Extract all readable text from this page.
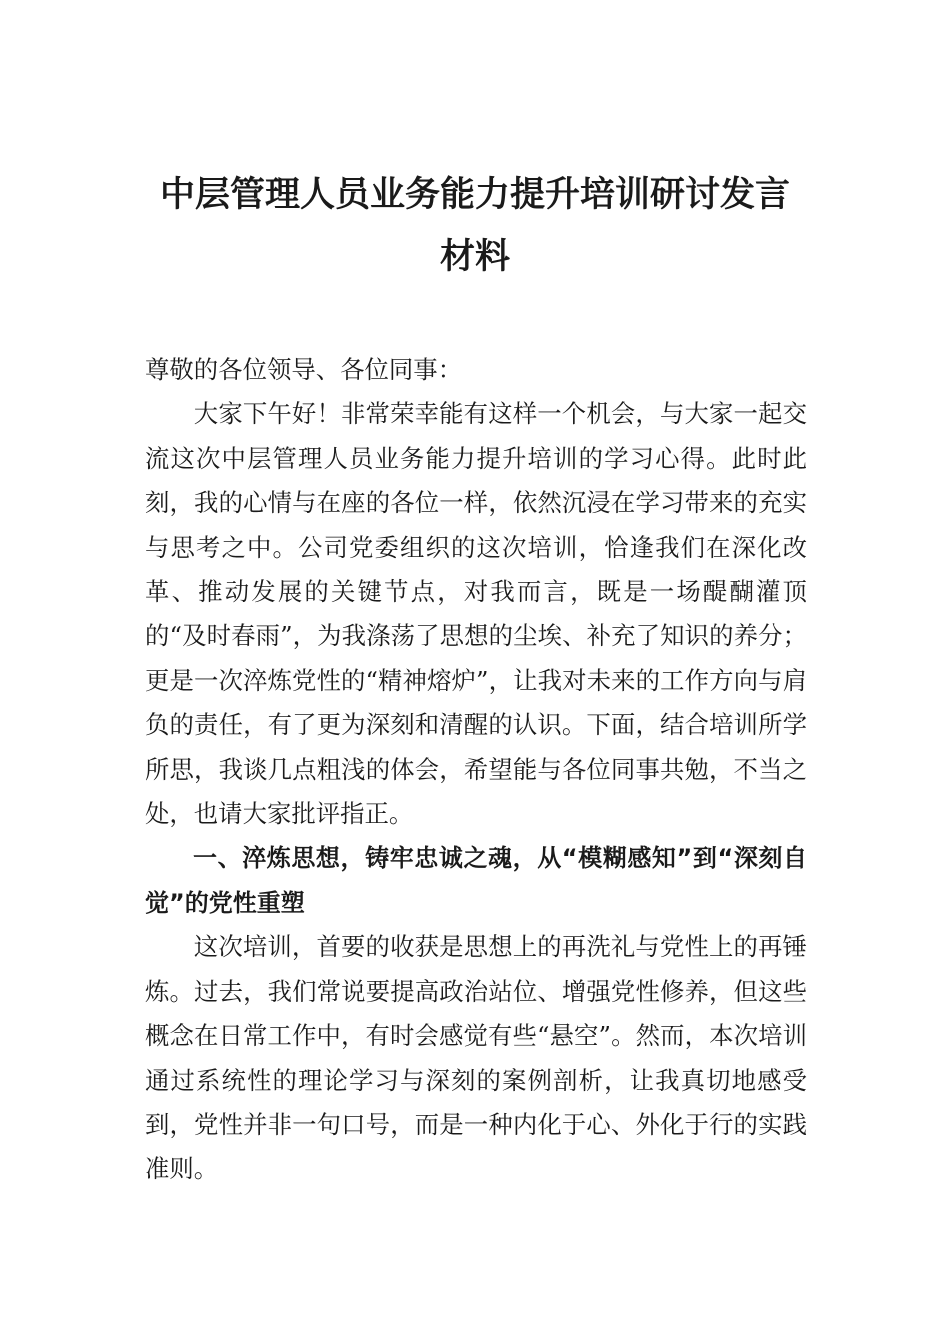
中层管理人员业务能力提升培训研讨发言材料

尊敬的各位领导、各位同事：

大家下午好！非常荣幸能有这样一个机会，与大家一起交流这次中层管理人员业务能力提升培训的学习心得。此时此刻，我的心情与在座的各位一样，依然沉浸在学习带来的充实与思考之中。公司党委组织的这次培训，恰逢我们在深化改革、推动发展的关键节点，对我而言，既是一场醍醐灌顶的“及时春雨”，为我涤荡了思想的尘埃、补充了知识的养分；更是一次淬炼党性的“精神熔炉”，让我对未来的工作方向与肩负的责任，有了更为深刻和清醒的认识。下面，结合培训所学所思，我谈几点粗浅的体会，希望能与各位同事共勉，不当之处，也请大家批评指正。

一、淬炼思想，铸牢忠诚之魂，从“模糊感知”到“深刻自觉”的党性重塑

这次培训，首要的收获是思想上的再洗礼与党性上的再锤炼。过去，我们常说要提高政治站位、增强党性修养，但这些概念在日常工作中，有时会感觉有些“悬空”。然而，本次培训通过系统性的理论学习与深刻的案例剖析，让我真切地感受到，党性并非一句口号，而是一种内化于心、外化于行的实践准则。
